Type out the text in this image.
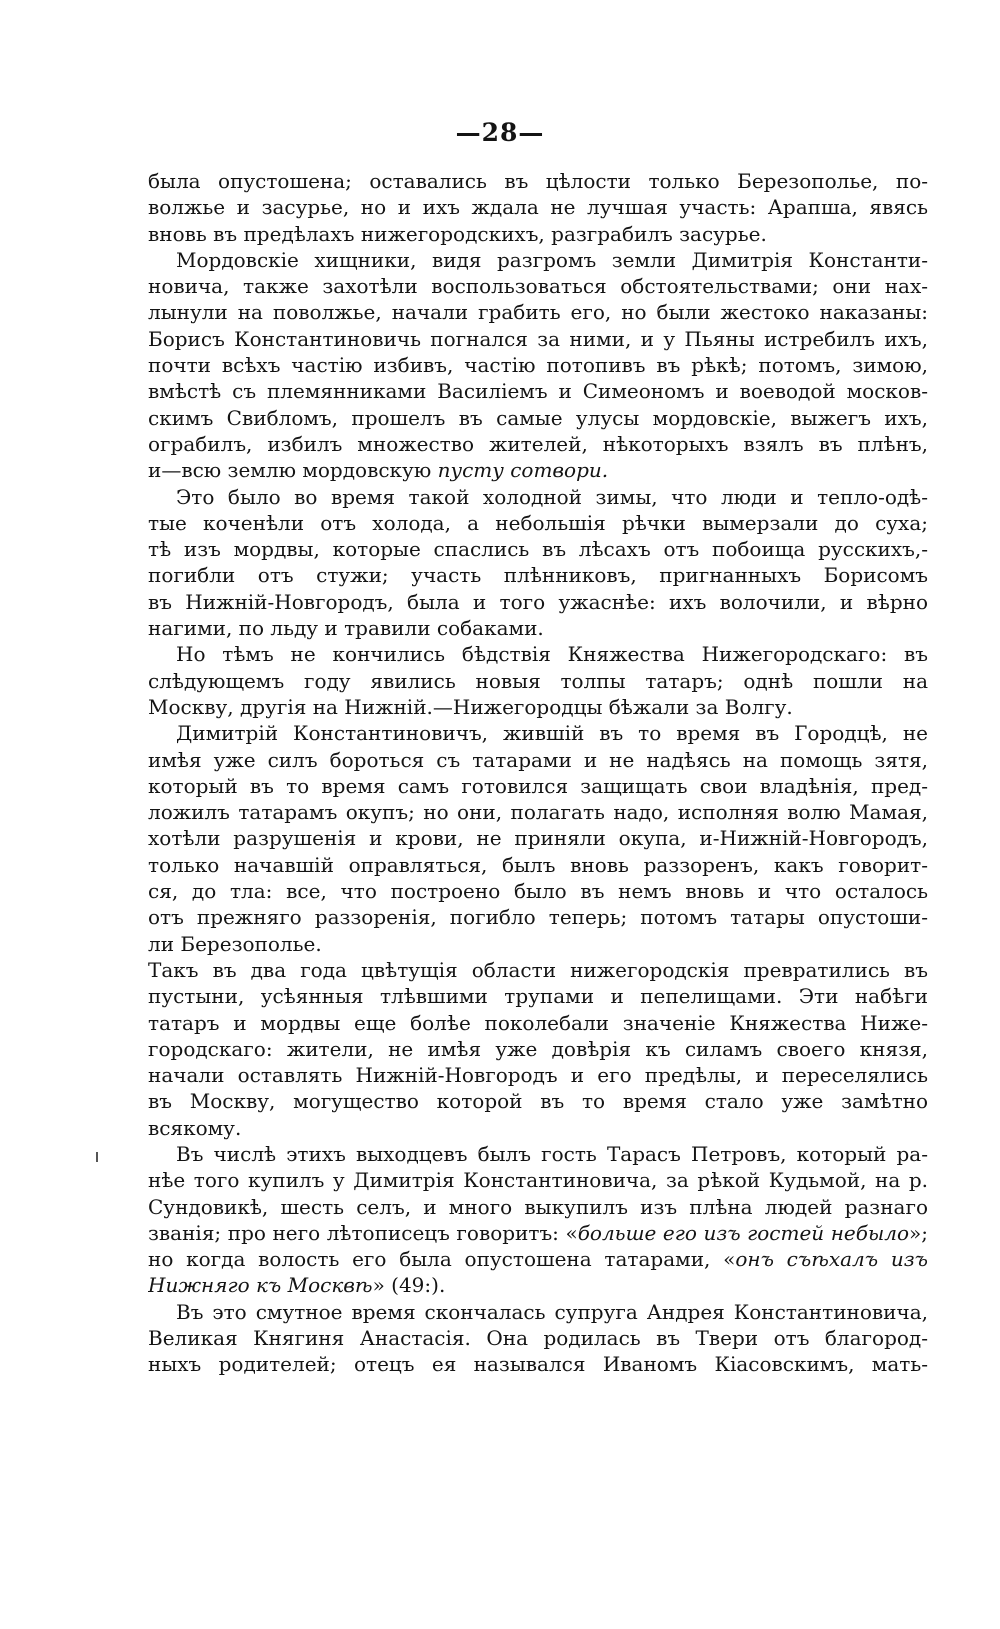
—28—
была опустошена; оставались въ цѣлости только Березополье, по-
волжье и засурье, но и ихъ ждала не лучшая участь: Арапша, явясь
вновь въ предѣлахъ нижегородскихъ, разграбилъ засурье.
Мордовскіе хищники, видя разгромъ земли Димитрія Константи-
новича, также захотѣли воспользоваться обстоятельствами; они нах-
лынули на поволжье, начали грабить его, но были жестоко наказаны:
Борисъ Константиновичь погнался за ними, и у Пьяны истребилъ ихъ,
почти всѣхъ частію избивъ, частію потопивъ въ рѣкѣ; потомъ, зимою,
вмѣстѣ съ племянниками Василіемъ и Симеономъ и воеводой москов-
скимъ Свибломъ, прошелъ въ самые улусы мордовскіе, выжегъ ихъ,
ограбилъ, избилъ множество жителей, нѣкоторыхъ взялъ въ плѣнъ,
и—всю землю мордовскую пусту сотвори.
Это было во время такой холодной зимы, что люди и тепло-одѣ-
тые коченѣли отъ холода, а небольшія рѣчки вымерзали до суха;
тѣ изъ мордвы, которые спаслись въ лѣсахъ отъ побоища русскихъ,-
погибли отъ стужи; участь плѣнниковъ, пригнанныхъ Борисомъ
въ Нижній-Новгородъ, была и того ужаснѣе: ихъ волочили, и вѣрно
нагими, по льду и травили собаками.
Но тѣмъ не кончились бѣдствія Княжества Нижегородскаго: въ
слѣдующемъ году явились новыя толпы татаръ; однѣ пошли на
Москву, другія на Нижній.—Нижегородцы бѣжали за Волгу.
Димитрій Константиновичъ, жившій въ то время въ Городцѣ, не
имѣя уже силъ бороться съ татарами и не надѣясь на помощь зятя,
который въ то время самъ готовился защищать свои владѣнія, пред-
ложилъ татарамъ окупъ; но они, полагать надо, исполняя волю Мамая,
хотѣли разрушенія и крови, не приняли окупа, и-Нижній-Новгородъ,
только начавшій оправляться, былъ вновь раззоренъ, какъ говорит-
ся, до тла: все, что построено было въ немъ вновь и что осталось
отъ прежняго раззоренія, погибло теперь; потомъ татары опустоши-
ли Березополье.
Такъ въ два года цвѣтущія области нижегородскія превратились въ
пустыни, усѣянныя тлѣвшими трупами и пепелищами. Эти набѣги
татаръ и мордвы еще болѣе поколебали значеніе Княжества Ниже-
городскаго: жители, не имѣя уже довѣрія къ силамъ своего князя,
начали оставлять Нижній-Новгородъ и его предѣлы, и переселялись
въ Москву, могущество которой въ то время стало уже замѣтно
всякому.
Въ числѣ этихъ выходцевъ былъ гость Тарасъ Петровъ, который ра-
нѣе того купилъ у Димитрія Константиновича, за рѣкой Кудьмой, на р.
Сундовикѣ, шесть селъ, и много выкупилъ изъ плѣна людей разнаго
званія; про него лѣтописецъ говоритъ: «больше его изъ гостей небыло»;
но когда волость его была опустошена татарами, «онъ съѣхалъ изъ
Нижняго къ Москвѣ» (49:).
Въ это смутное время скончалась супруга Андрея Константиновича,
Великая Княгиня Анастасія. Она родилась въ Твери отъ благород-
ныхъ родителей; отецъ ея назывался Иваномъ Кіасовскимъ, мать-
